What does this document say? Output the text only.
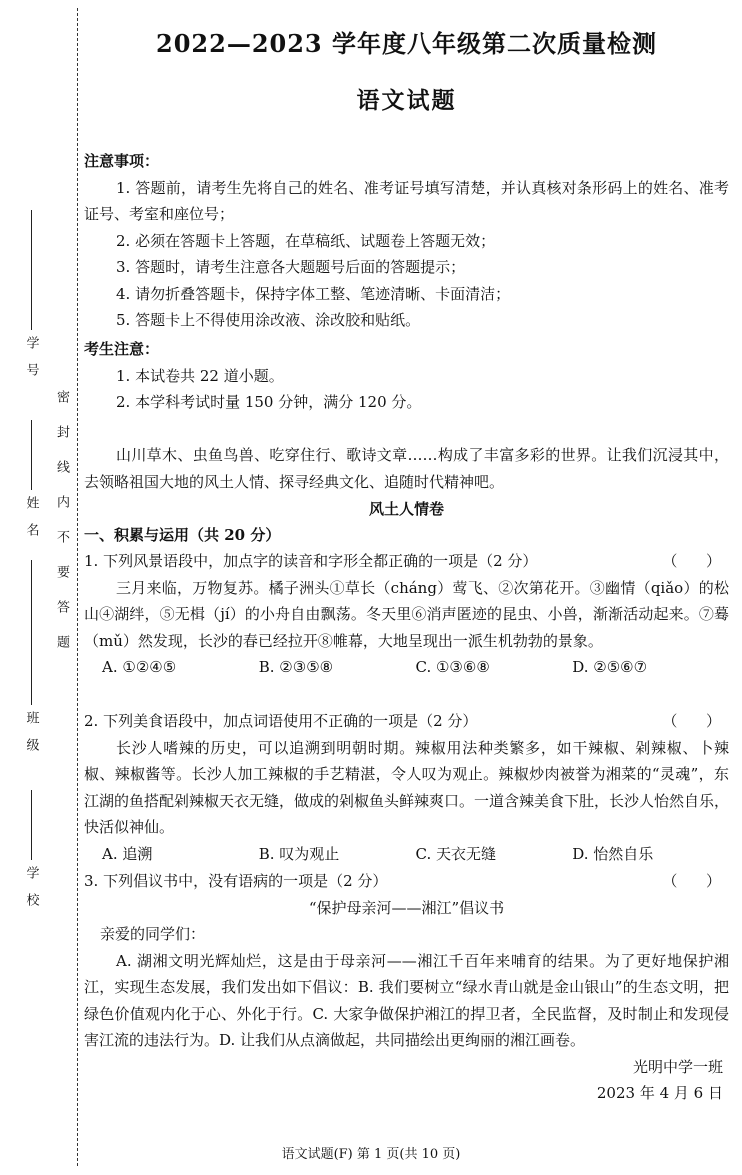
学号
姓名
班级
学校
密封线内不要答题
2022—2023 学年度八年级第二次质量检测
语文试题
注意事项：
1. 答题前，请考生先将自己的姓名、准考证号填写清楚，并认真核对条形码上的姓名、准考证号、考室和座位号；
2. 必须在答题卡上答题，在草稿纸、试题卷上答题无效；
3. 答题时，请考生注意各大题题号后面的答题提示；
4. 请勿折叠答题卡，保持字体工整、笔迹清晰、卡面清洁；
5. 答题卡上不得使用涂改液、涂改胶和贴纸。
考生注意：
1. 本试卷共 22 道小题。
2. 本学科考试时量 150 分钟，满分 120 分。
山川草木、虫鱼鸟兽、吃穿住行、歌诗文章……构成了丰富多彩的世界。让我们沉浸其中，去领略祖国大地的风土人情、探寻经典文化、追随时代精神吧。
风土人情卷
一、积累与运用（共 20 分）
1. 下列风景语段中，加点字的读音和字形全都正确的一项是（2 分）	（      ）
三月来临，万物复苏。橘子洲头①草长（cháng）莺飞、②次第花开。③幽情（qiǎo）的松山④湖绊，⑤无楫（jí）的小舟自由飘荡。冬天里⑥消声匿迹的昆虫、小兽，渐渐活动起来。⑦蓦（mǔ）然发现，长沙的春已经拉开⑧帷幕，大地呈现出一派生机勃勃的景象。
A. ①②④⑤	B. ②③⑤⑧	C. ①③⑥⑧	D. ②⑤⑥⑦
2. 下列美食语段中，加点词语使用不正确的一项是（2 分）	（      ）
长沙人嗜辣的历史，可以追溯到明朝时期。辣椒用法种类繁多，如干辣椒、剁辣椒、卜辣椒、辣椒酱等。长沙人加工辣椒的手艺精湛，令人叹为观止。辣椒炒肉被誉为湘菜的“灵魂”，东江湖的鱼搭配剁辣椒天衣无缝，做成的剁椒鱼头鲜辣爽口。一道含辣美食下肚，长沙人怡然自乐，快活似神仙。
A. 追溯	B. 叹为观止	C. 天衣无缝	D. 怡然自乐
3. 下列倡议书中，没有语病的一项是（2 分）	（      ）
“保护母亲河——湘江”倡议书
亲爱的同学们：
A. 湖湘文明光辉灿烂，这是由于母亲河——湘江千百年来哺育的结果。为了更好地保护湘江，实现生态发展，我们发出如下倡议：B. 我们要树立“绿水青山就是金山银山”的生态文明，把绿色价值观内化于心、外化于行。C. 大家争做保护湘江的捍卫者，全民监督，及时制止和发现侵害江流的违法行为。D. 让我们从点滴做起，共同描绘出更绚丽的湘江画卷。
光明中学一班
2023 年 4 月 6 日
语文试题(F) 第 1 页(共 10 页)
